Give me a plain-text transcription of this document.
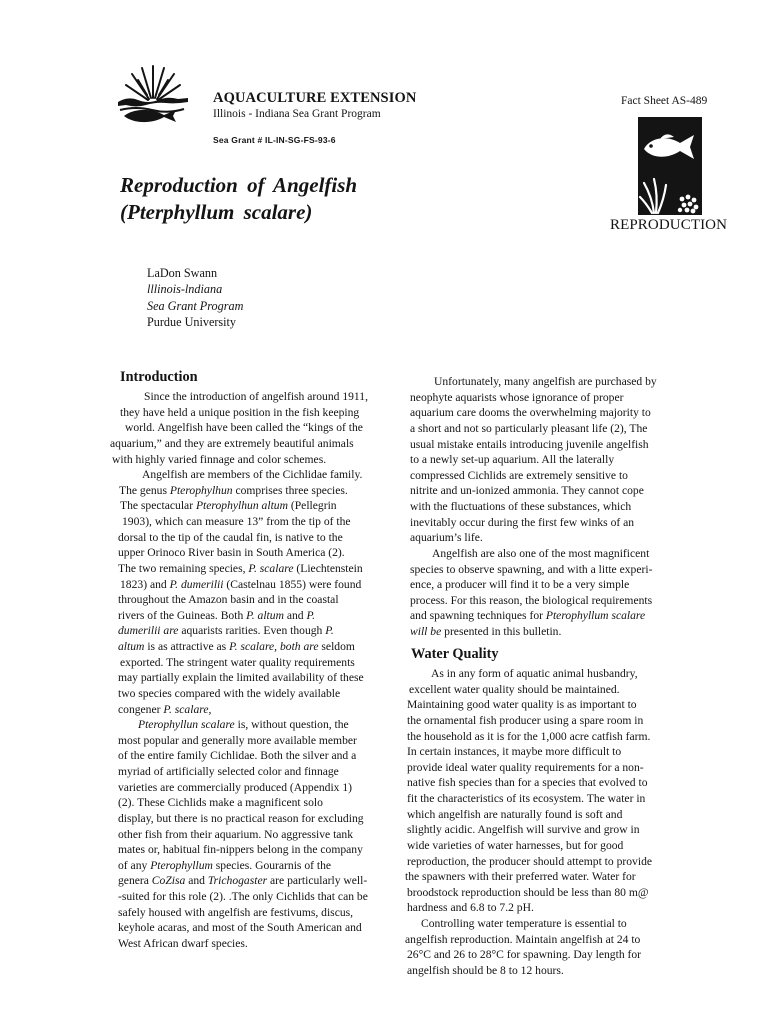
AQUACULTURE EXTENSION
Illinois - Indiana Sea Grant Program
Sea Grant # IL-IN-SG-FS-93-6
Fact Sheet AS-489
REPRODUCTION
Reproduction of Angelfish
(Pterphyllum scalare)
LaDon Swann
lllinois-lndiana
Sea Grant Program
Purdue University
Introduction
Water Quality
Since the introduction of angelfish around 1911,
they have held a unique position in the fish keeping
world. Angelfish have been called the “kings of the
aquarium,” and they are extremely beautiful animals
with highly varied finnage and color schemes.
Angelfish are members of the Cichlidae family.
The genus Pterophylhun comprises three species.
The spectacular Pterophylhun altum (Pellegrin
1903), which can measure 13” from the tip of the
dorsal to the tip of the caudal fin, is native to the
upper Orinoco River basin in South America (2).
The two remaining species, P. scalare (Liechtenstein
1823) and P. dumerilii (Castelnau 1855) were found
throughout the Amazon basin and in the coastal
rivers of the Guineas. Both P. altum and P.
dumerilii are aquarists rarities. Even though P.
altum is as attractive as P. scalare, both are seldom
exported. The stringent water quality requirements
may partially explain the limited availability of these
two species compared with the widely available
congener P. scalare,
Pterophyllun scalare is, without question, the
most popular and generally more available member
of the entire family Cichlidae. Both the silver and a
myriad of artificially selected color and finnage
varieties are commercially produced (Appendix 1)
(2). These Cichlids make a magnificent solo
display, but there is no practical reason for excluding
other fish from their aquarium. No aggressive tank
mates or, habitual fin-nippers belong in the company
of any Pterophyllum species. Gourarnis of the
genera CoZisa and Trichogaster are particularly well-
-suited for this role (2). .The only Cichlids that can be
safely housed with angelfish are festivums, discus,
keyhole acaras, and most of the South American and
West African dwarf species.
Unfortunately, many angelfish are purchased by
neophyte aquarists whose ignorance of proper
aquarium care dooms the overwhelming majority to
a short and not so particularly pleasant life (2), The
usual mistake entails introducing juvenile angelfish
to a newly set-up aquarium. All the laterally
compressed Cichlids are extremely sensitive to
nitrite and un-ionized ammonia. They cannot cope
with the fluctuations of these substances, which
inevitably occur during the first few winks of an
aquarium’s life.
Angelfish are also one of the most magnificent
species to observe spawning, and with a litte experi-
ence, a producer will find it to be a very simple
process. For this reason, the biological requirements
and spawning techniques for Pterophyllum scalare
will be presented in this bulletin.
As in any form of aquatic animal husbandry,
excellent water quality should be maintained.
Maintaining good water quality is as important to
the ornamental fish producer using a spare room in
the household as it is for the 1,000 acre catfish farm.
In certain instances, it maybe more difficult to
provide ideal water quality requirements for a non-
native fish species than for a species that evolved to
fit the characteristics of its ecosystem. The water in
which angelfish are naturally found is soft and
slightly acidic. Angelfish will survive and grow in
wide varieties of water harnesses, but for good
reproduction, the producer should attempt to provide
the spawners with their preferred water. Water for
broodstock reproduction should be less than 80 m@
hardness and 6.8 to 7.2 pH.
Controlling water temperature is essential to
angelfish reproduction. Maintain angelfish at 24 to
26°C and 26 to 28°C for spawning. Day length for
angelfish should be 8 to 12 hours.
